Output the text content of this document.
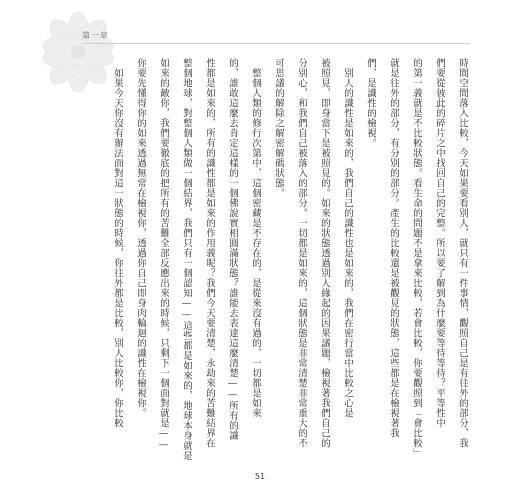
第一章
時間空間落入比較，今天如果要看別人，就只有一件事情，觀照自己是有往外的部分，我
們要從彼此的碎片之中找回自己的完整。所以要了解到為什麼要等待等待？平等性中
的第一義就是不比較狀態。看生命的問題不是拿來比較，若會比較，你要觀照到「會比較」
就是往外的部分，有分別的部分。產生的比較還是被觀見的狀態，這些都是在檢視著我
們，是識性的檢視。
　別人的識性是如來的，我們自己的識性也是如來的，我們在密行當中比較之心是
被照見，即身當下是被照見的。如來的狀態透過別人緣起的因果議題，檢視著我們自己的
分別心，和我們自己被落入的部分。一切都是如來的，這個狀態是非常清楚非常重大的不
可思議的解除之解密解碼狀態。
　整個人類的修行次第中，這個密藏是不存在的，是從來沒有過的，一切都是如來
的，誰敢這麼去肯定這樣的一個佛說實相圓滿狀態？誰能去表達這麼清楚——所有的識
性都是如來的，所有的識性都是如來的作用義呢？我們今天要清楚，永劫來的苦難結界在
整個地球，對整個人類做一個結界，我們只有一個認知——這些都是如來的，地球本身就是
如來的敵你，我們要徹底的把所有的苦難全部反應出來的時候，只剩下一個面對就是——
你要先懂得你的如來透過無常在檢視你，透過你自己即身肉輪迴的識性在檢視你。
　如果今天你沒有辦法面對這一狀態的時候，你往外都是比較，別人比較你，你比較
51
